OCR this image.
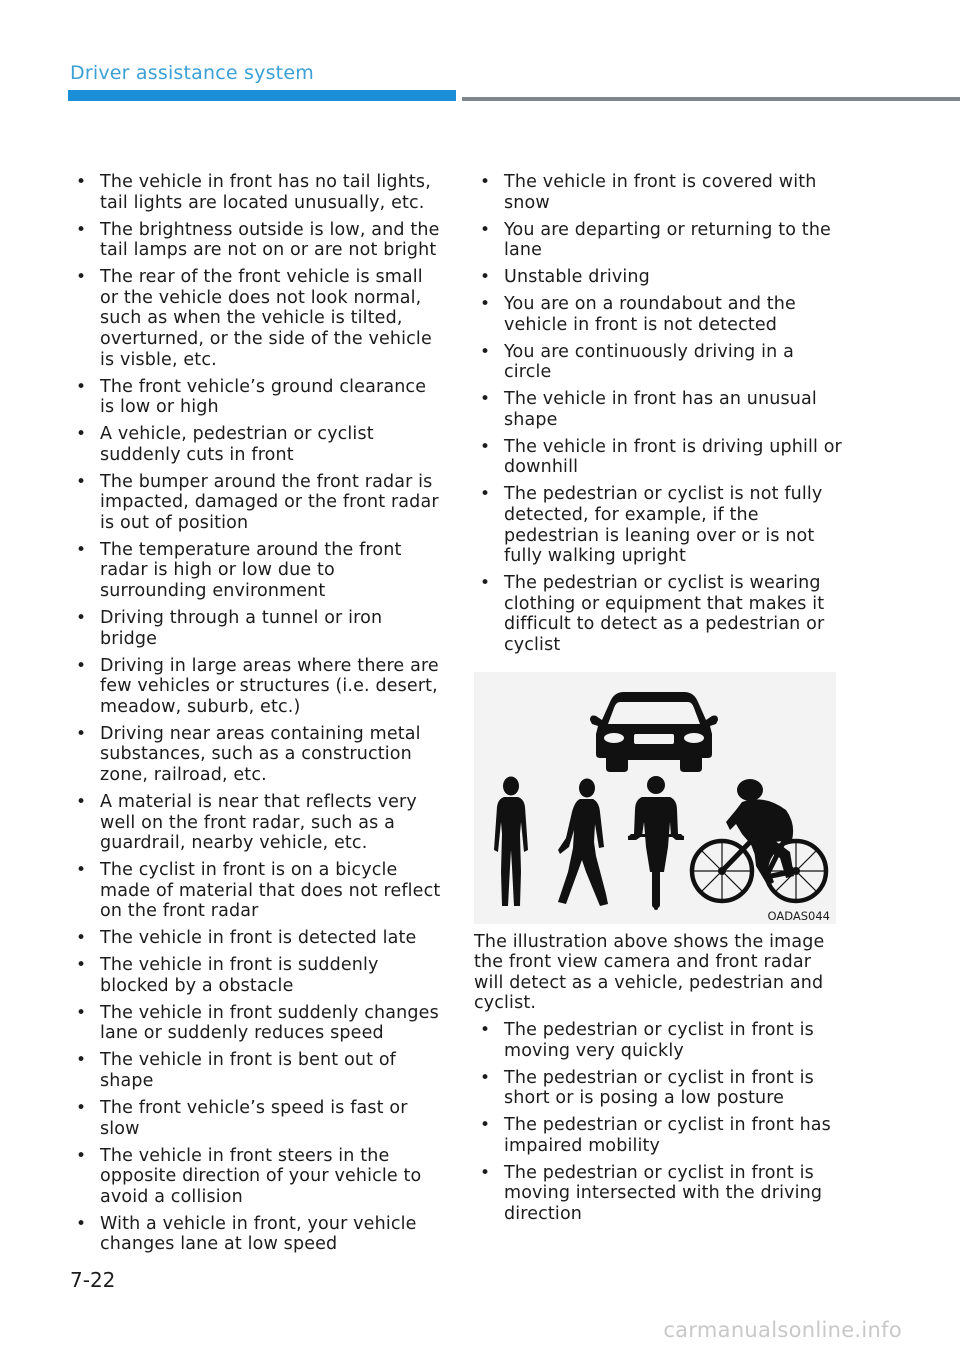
Driver assistance system
• The vehicle in front has no tail lights, tail lights are located unusually, etc.
• The brightness outside is low, and the tail lamps are not on or are not bright
• The rear of the front vehicle is small or the vehicle does not look normal, such as when the vehicle is tilted, overturned, or the side of the vehicle is visble, etc.
• The front vehicle’s ground clearance is low or high
• A vehicle, pedestrian or cyclist suddenly cuts in front
• The bumper around the front radar is impacted, damaged or the front radar is out of position
• The temperature around the front radar is high or low due to surrounding environment
• Driving through a tunnel or iron bridge
• Driving in large areas where there are few vehicles or structures (i.e. desert, meadow, suburb, etc.)
• Driving near areas containing metal substances, such as a construction zone, railroad, etc.
• A material is near that reflects very well on the front radar, such as a guardrail, nearby vehicle, etc.
• The cyclist in front is on a bicycle made of material that does not reflect on the front radar
• The vehicle in front is detected late
• The vehicle in front is suddenly blocked by a obstacle
• The vehicle in front suddenly changes lane or suddenly reduces speed
• The vehicle in front is bent out of shape
• The front vehicle’s speed is fast or slow
• The vehicle in front steers in the opposite direction of your vehicle to avoid a collision
• With a vehicle in front, your vehicle changes lane at low speed
• The vehicle in front is covered with snow
• You are departing or returning to the lane
• Unstable driving
• You are on a roundabout and the vehicle in front is not detected
• You are continuously driving in a circle
• The vehicle in front has an unusual shape
• The vehicle in front is driving uphill or downhill
• The pedestrian or cyclist is not fully detected, for example, if the pedestrian is leaning over or is not fully walking upright
• The pedestrian or cyclist is wearing clothing or equipment that makes it difficult to detect as a pedestrian or cyclist
OADAS044

The illustration above shows the image the front view camera and front radar will detect as a vehicle, pedestrian and cyclist.

• The pedestrian or cyclist in front is moving very quickly
• The pedestrian or cyclist in front is short or is posing a low posture
• The pedestrian or cyclist in front has impaired mobility
• The pedestrian or cyclist in front is moving intersected with the driving direction
7-22
carmanualsonline.info
